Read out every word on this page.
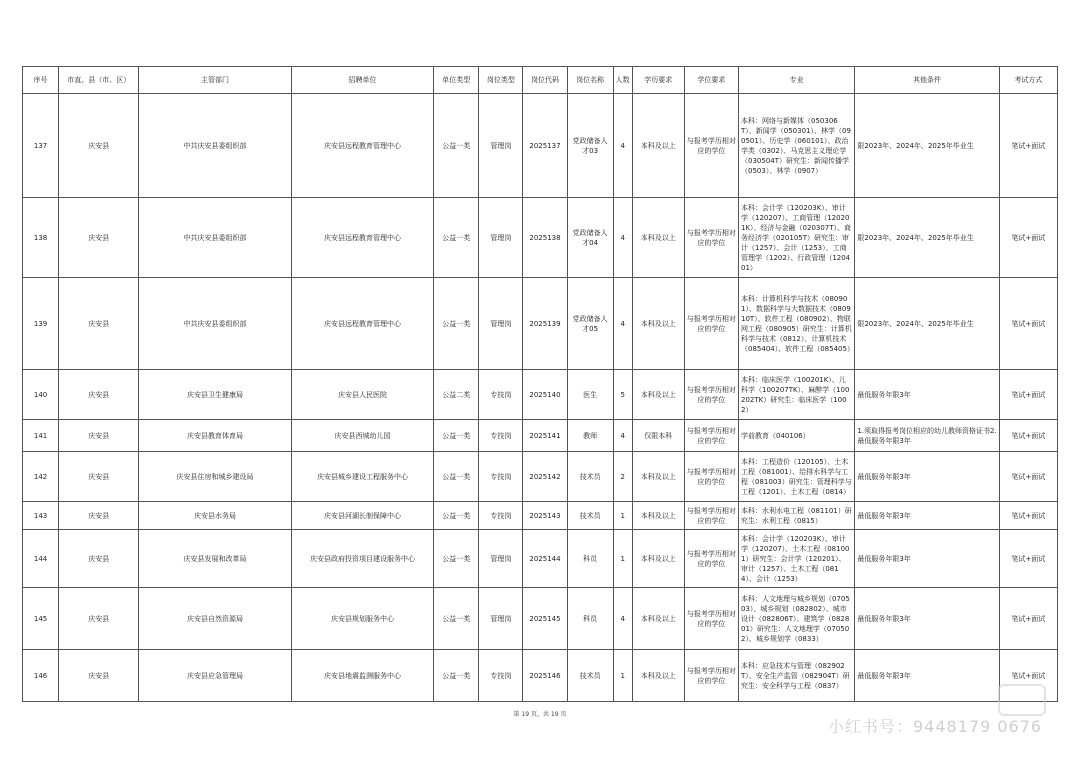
序号	市直、县（市、区）	主管部门	招聘单位	单位类型	岗位类型	岗位代码	岗位名称	人数	学历要求	学位要求	专业	其他条件	考试方式
137	庆安县	中共庆安县委组织部	庆安县远程教育管理中心	公益一类	管理岗	2025137	党政储备人才03	4	本科及以上	与报考学历相对应的学位	本科：网络与新媒体（050306T）、新闻学（050301）、林学（090501）、历史学（060101）、政治学类（0302）、马克思主义理论学（030504T）研究生：新闻传播学（0503）、林学（0907）	限2023年、2024年、2025年毕业生	笔试+面试
138	庆安县	中共庆安县委组织部	庆安县远程教育管理中心	公益一类	管理岗	2025138	党政储备人才04	4	本科及以上	与报考学历相对应的学位	本科：会计学（120203K）、审计学（120207）、工商管理（120201K）、经济与金融（020307T）、商务经济学（020105T）研究生：审计（1257）、会计（1253）、工商管理学（1202）、行政管理（120401）	限2023年、2024年、2025年毕业生	笔试+面试
139	庆安县	中共庆安县委组织部	庆安县远程教育管理中心	公益一类	管理岗	2025139	党政储备人才05	4	本科及以上	与报考学历相对应的学位	本科：计算机科学与技术（080901）、数据科学与大数据技术（080910T）、软件工程（080902）、物联网工程（080905）研究生：计算机科学与技术（0812）、计算机技术（085404）、软件工程（085405）	限2023年、2024年、2025年毕业生	笔试+面试
140	庆安县	庆安县卫生健康局	庆安县人民医院	公益二类	专技岗	2025140	医生	5	本科及以上	与报考学历相对应的学位	本科：临床医学（100201K）、儿科学（100207TK）、麻醉学（100202TK）研究生：临床医学（1002）	最低服务年限3年	笔试+面试
141	庆安县	庆安县教育体育局	庆安县西城幼儿园	公益一类	专技岗	2025141	教师	4	仅限本科	与报考学历相对应的学位	学前教育（040106）	1.须取得报考岗位相应的幼儿教师资格证书2.最低服务年限3年	笔试+面试
142	庆安县	庆安县住房和城乡建设局	庆安县城乡建设工程服务中心	公益一类	专技岗	2025142	技术员	2	本科及以上	与报考学历相对应的学位	本科：工程造价（120105）、土木工程（081001）、给排水科学与工程（081003）研究生：管理科学与工程（1201）、土木工程（0814）	最低服务年限3年	笔试+面试
143	庆安县	庆安县水务局	庆安县河湖长制保障中心	公益一类	专技岗	2025143	技术员	1	本科及以上	与报考学历相对应的学位	本科：水利水电工程（081101）研究生：水利工程（0815）	最低服务年限3年	笔试+面试
144	庆安县	庆安县发展和改革局	庆安县政府投资项目建设服务中心	公益一类	管理岗	2025144	科员	1	本科及以上	与报考学历相对应的学位	本科：会计学（120203K）、审计学（120207）、土木工程（081001）研究生：会计学（120201）、审计（1257）、土木工程（0814）、会计（1253）	最低服务年限3年	笔试+面试
145	庆安县	庆安县自然资源局	庆安县规划服务中心	公益一类	管理岗	2025145	科员	4	本科及以上	与报考学历相对应的学位	本科：人文地理与城乡规划（070503）、城乡规划（082802）、城市设计（082806T）、建筑学（082801）研究生：人文地理学（070502）、城乡规划学（0833）	最低服务年限3年	笔试+面试
146	庆安县	庆安县应急管理局	庆安县地震监测服务中心	公益一类	专技岗	2025146	技术员	1	本科及以上	与报考学历相对应的学位	本科：应急技术与管理（082902T）、安全生产监管（082904T）研究生：安全科学与工程（0837）	最低服务年限3年	笔试+面试
第 19 页，共 19 页
小红书号：9448179 0676
